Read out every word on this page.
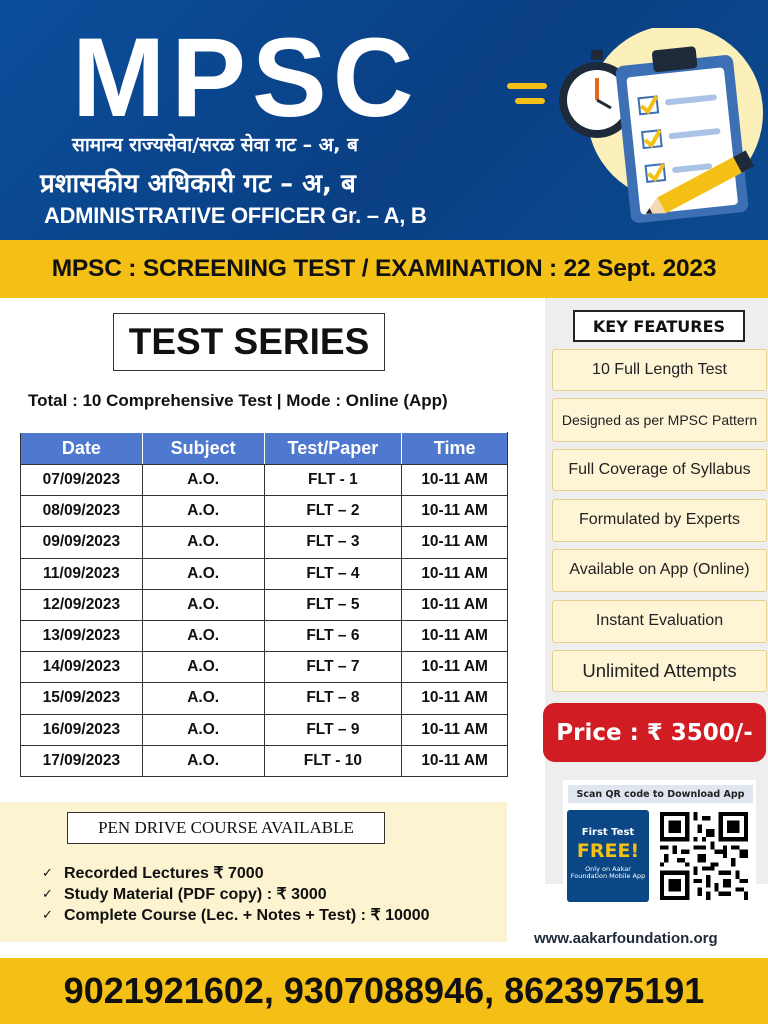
MPSC
सामान्य राज्यसेवा/सरळ सेवा गट – अ, ब
प्रशासकीय अधिकारी गट – अ, ब
ADMINISTRATIVE OFFICER Gr. – A, B
MPSC : SCREENING TEST / EXAMINATION : 22 Sept. 2023
TEST SERIES
Total : 10 Comprehensive Test | Mode : Online (App)
Date	Subject	Test/Paper	Time
07/09/2023	A.O.	FLT - 1	10-11 AM
08/09/2023	A.O.	FLT – 2	10-11 AM
09/09/2023	A.O.	FLT – 3	10-11 AM
11/09/2023	A.O.	FLT – 4	10-11 AM
12/09/2023	A.O.	FLT – 5	10-11 AM
13/09/2023	A.O.	FLT – 6	10-11 AM
14/09/2023	A.O.	FLT – 7	10-11 AM
15/09/2023	A.O.	FLT – 8	10-11 AM
16/09/2023	A.O.	FLT – 9	10-11 AM
17/09/2023	A.O.	FLT - 10	10-11 AM
KEY FEATURES
10 Full Length Test
Designed as per MPSC Pattern
Full Coverage of Syllabus
Formulated by Experts
Available on App (Online)
Instant Evaluation
Unlimited Attempts
Price : ₹ 3500/-
Scan QR code to Download App
First Test
FREE!
Only on Aakar Foundation Mobile App
PEN DRIVE COURSE AVAILABLE
✓ Recorded Lectures ₹ 7000
✓ Study Material (PDF copy) : ₹ 3000
✓ Complete Course (Lec. + Notes + Test) : ₹ 10000
www.aakarfoundation.org
9021921602, 9307088946, 8623975191
